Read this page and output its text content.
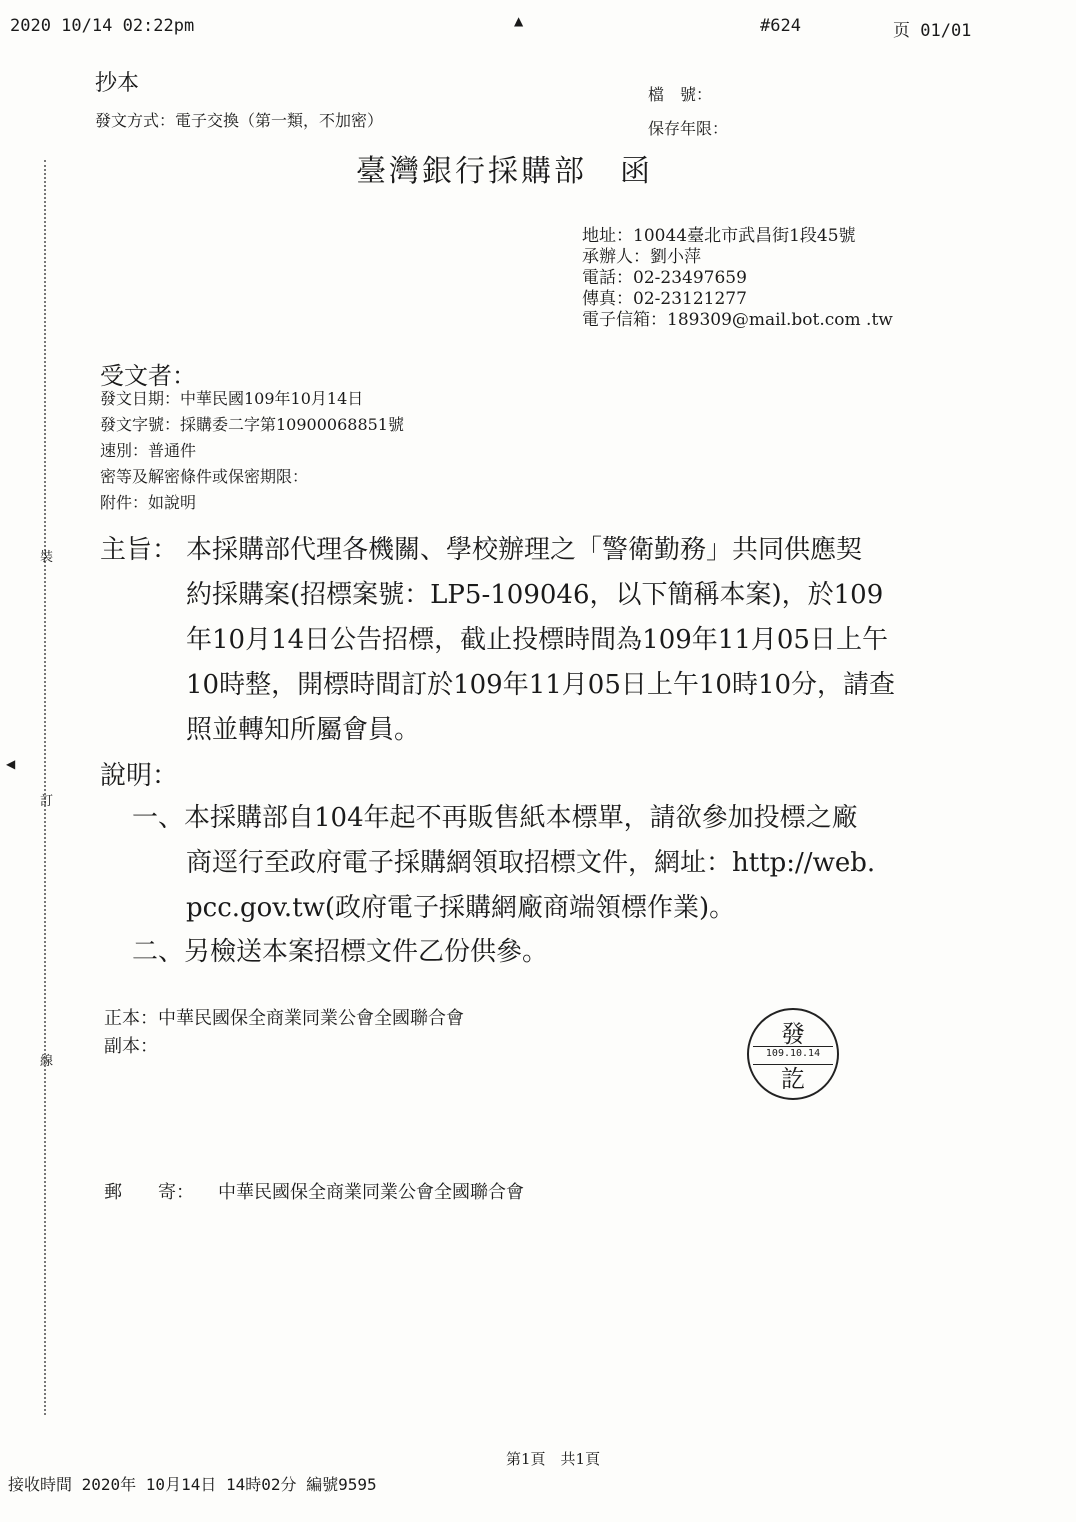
2020 10/14 02:22pm	▲	#624	页 01/01
裝
◀
訂
線
抄本
發文方式：電子交換（第一類，不加密）
檔　號：
保存年限：
臺灣銀行採購部　函
地址：10044臺北市武昌街1段45號
承辦人：劉小萍
電話：02-23497659
傳真：02-23121277
電子信箱：189309@mail.bot.com .tw
受文者：
發文日期：中華民國109年10月14日
發文字號：採購委二字第10900068851號
速別：普通件
密等及解密條件或保密期限：
附件：如說明
主旨： 本採購部代理各機關、學校辦理之「警衛勤務」共同供應契
約採購案(招標案號：LP5-109046，以下簡稱本案)，於109
年10月14日公告招標，截止投標時間為109年11月05日上午
10時整，開標時間訂於109年11月05日上午10時10分，請查
照並轉知所屬會員。
說明：
一、本採購部自104年起不再販售紙本標單，請欲參加投標之廠
商逕行至政府電子採購網領取招標文件，網址：http://web.
pcc.gov.tw(政府電子採購網廠商端領標作業)。
二、另檢送本案招標文件乙份供參。
正本：中華民國保全商業同業公會全國聯合會
副本：	發
109.10.14
訖
郵　　寄： 中華民國保全商業同業公會全國聯合會
第1頁　共1頁
接收時間 2020年 10月14日 14時02分 編號9595
